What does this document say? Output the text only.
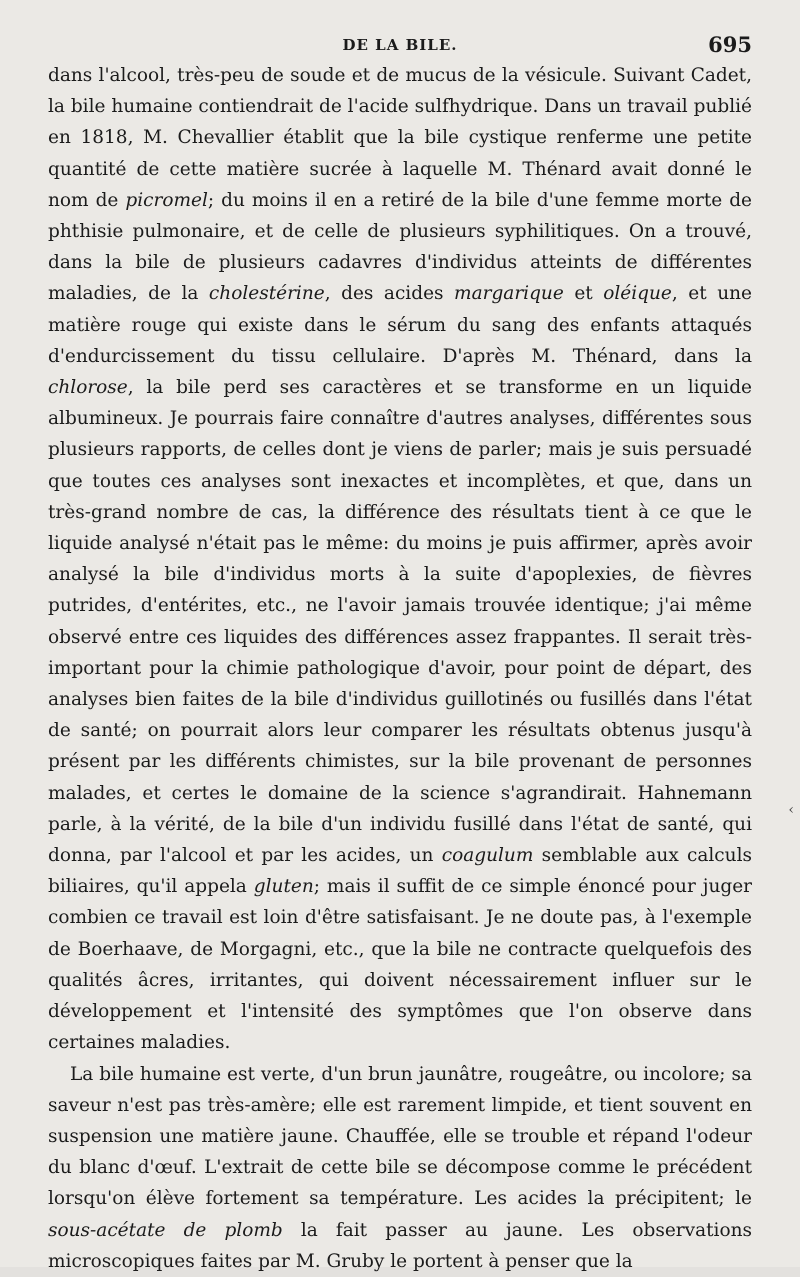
DE LA BILE.	695

dans l'alcool, très-peu de soude et de mucus de la vésicule. Suivant Cadet, la bile humaine contiendrait de l'acide sulfhydrique. Dans un travail publié en 1818, M. Chevallier établit que la bile cystique renferme une petite quantité de cette matière sucrée à laquelle M. Thénard avait donné le nom de picromel; du moins il en a retiré de la bile d'une femme morte de phthisie pulmonaire, et de celle de plusieurs syphilitiques. On a trouvé, dans la bile de plusieurs cadavres d'individus atteints de différentes maladies, de la cholestérine, des acides margarique et oléique, et une matière rouge qui existe dans le sérum du sang des enfants attaqués d'endurcissement du tissu cellulaire. D'après M. Thénard, dans la chlorose, la bile perd ses caractères et se transforme en un liquide albumineux. Je pourrais faire connaître d'autres analyses, différentes sous plusieurs rapports, de celles dont je viens de parler; mais je suis persuadé que toutes ces analyses sont inexactes et incomplètes, et que, dans un très-grand nombre de cas, la différence des résultats tient à ce que le liquide analysé n'était pas le même: du moins je puis affirmer, après avoir analysé la bile d'individus morts à la suite d'apoplexies, de fièvres putrides, d'entérites, etc., ne l'avoir jamais trouvée identique; j'ai même observé entre ces liquides des différences assez frappantes. Il serait très-important pour la chimie pathologique d'avoir, pour point de départ, des analyses bien faites de la bile d'individus guillotinés ou fusillés dans l'état de santé; on pourrait alors leur comparer les résultats obtenus jusqu'à présent par les différents chimistes, sur la bile provenant de personnes malades, et certes le domaine de la science s'agrandirait. Hahnemann parle, à la vérité, de la bile d'un individu fusillé dans l'état de santé, qui donna, par l'alcool et par les acides, un coagulum semblable aux calculs biliaires, qu'il appela gluten; mais il suffit de ce simple énoncé pour juger combien ce travail est loin d'être satisfaisant. Je ne doute pas, à l'exemple de Boerhaave, de Morgagni, etc., que la bile ne contracte quelquefois des qualités âcres, irritantes, qui doivent nécessairement influer sur le développement et l'intensité des symptômes que l'on observe dans certaines maladies.

La bile humaine est verte, d'un brun jaunâtre, rougeâtre, ou incolore; sa saveur n'est pas très-amère; elle est rarement limpide, et tient souvent en suspension une matière jaune. Chauffée, elle se trouble et répand l'odeur du blanc d'œuf. L'extrait de cette bile se décompose comme le précédent lorsqu'on élève fortement sa température. Les acides la précipitent; le sous-acétate de plomb la fait passer au jaune. Les observations microscopiques faites par M. Gruby le portent à penser que la

‹
